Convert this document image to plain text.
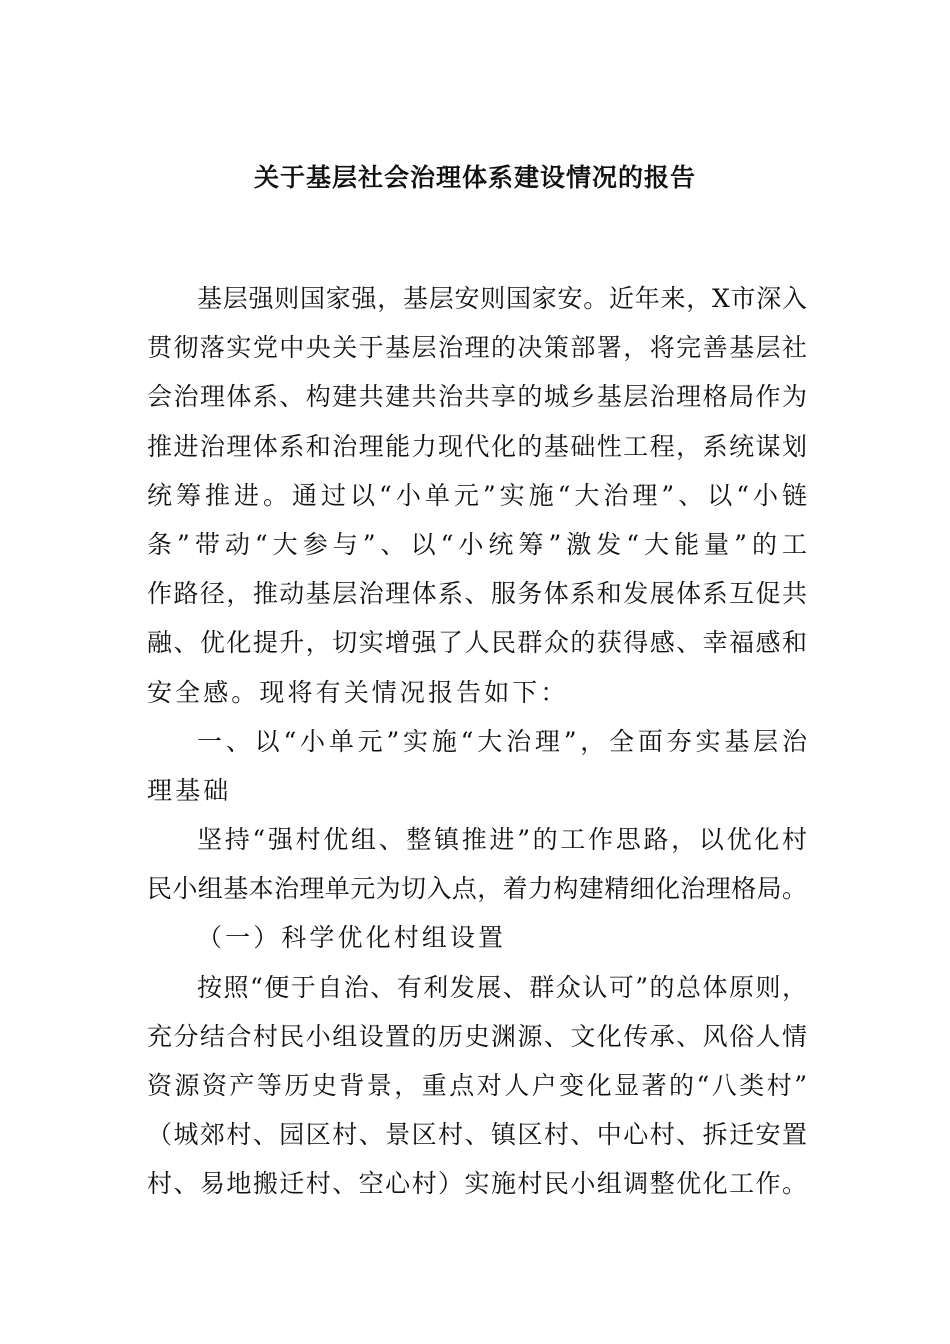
关于基层社会治理体系建设情况的报告
基层强则国家强，基层安则国家安。近年来，X市深入
贯彻落实党中央关于基层治理的决策部署，将完善基层社
会治理体系、构建共建共治共享的城乡基层治理格局作为
推进治理体系和治理能力现代化的基础性工程，系统谋划
统筹推进。通过以“小单元”实施“大治理”、以“小链
条”带动“大参与”、以“小统筹”激发“大能量”的工
作路径，推动基层治理体系、服务体系和发展体系互促共
融、优化提升，切实增强了人民群众的获得感、幸福感和
安全感。现将有关情况报告如下：
一、以“小单元”实施“大治理”，全面夯实基层治
理基础
坚持“强村优组、整镇推进”的工作思路，以优化村
民小组基本治理单元为切入点，着力构建精细化治理格局。
（一）科学优化村组设置
按照“便于自治、有利发展、群众认可”的总体原则，
充分结合村民小组设置的历史渊源、文化传承、风俗人情
资源资产等历史背景，重点对人户变化显著的“八类村”
（城郊村、园区村、景区村、镇区村、中心村、拆迁安置
村、易地搬迁村、空心村）实施村民小组调整优化工作。
